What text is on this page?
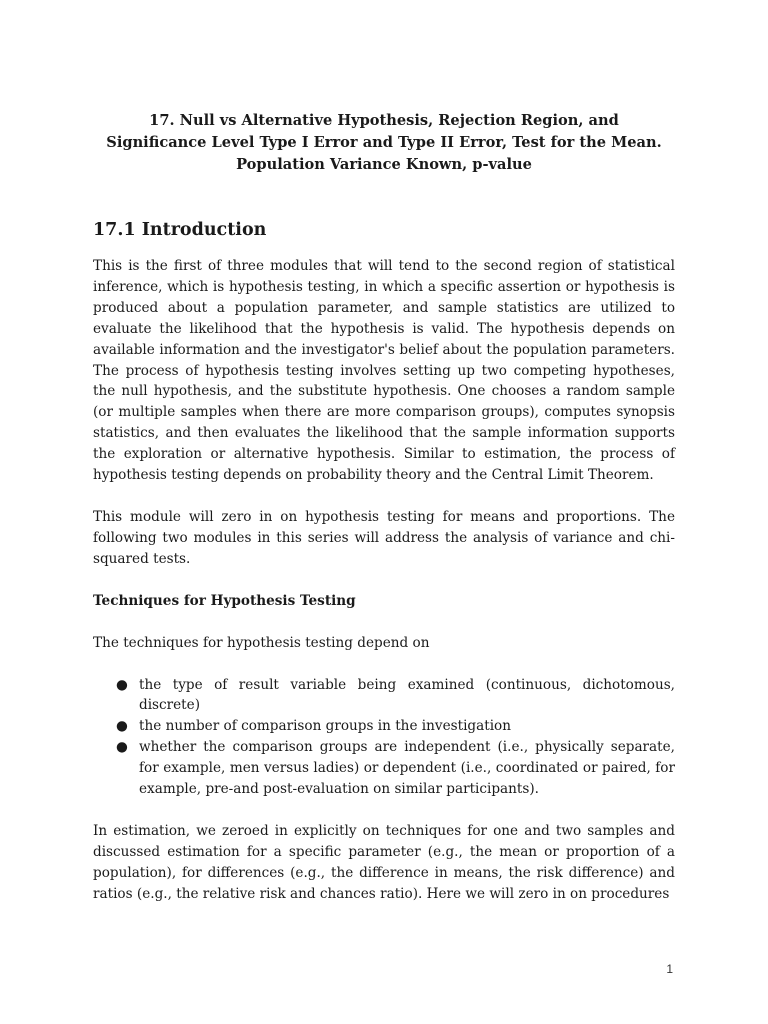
17. Null vs Alternative Hypothesis, Rejection Region, and Significance Level Type I Error and Type II Error, Test for the Mean. Population Variance Known, p-value
17.1 Introduction

This is the first of three modules that will tend to the second region of statistical inference, which is hypothesis testing, in which a specific assertion or hypothesis is produced about a population parameter, and sample statistics are utilized to evaluate the likelihood that the hypothesis is valid. The hypothesis depends on available information and the investigator's belief about the population parameters. The process of hypothesis testing involves setting up two competing hypotheses, the null hypothesis, and the substitute hypothesis. One chooses a random sample (or multiple samples when there are more comparison groups), computes synopsis statistics, and then evaluates the likelihood that the sample information supports the exploration or alternative hypothesis. Similar to estimation, the process of hypothesis testing depends on probability theory and the Central Limit Theorem.

This module will zero in on hypothesis testing for means and proportions. The following two modules in this series will address the analysis of variance and chi-squared tests.

Techniques for Hypothesis Testing

The techniques for hypothesis testing depend on

● the type of result variable being examined (continuous, dichotomous, discrete)
● the number of comparison groups in the investigation
● whether the comparison groups are independent (i.e., physically separate, for example, men versus ladies) or dependent (i.e., coordinated or paired, for example, pre-and post-evaluation on similar participants).

In estimation, we zeroed in explicitly on techniques for one and two samples and discussed estimation for a specific parameter (e.g., the mean or proportion of a population), for differences (e.g., the difference in means, the risk difference) and ratios (e.g., the relative risk and chances ratio). Here we will zero in on procedures

1
